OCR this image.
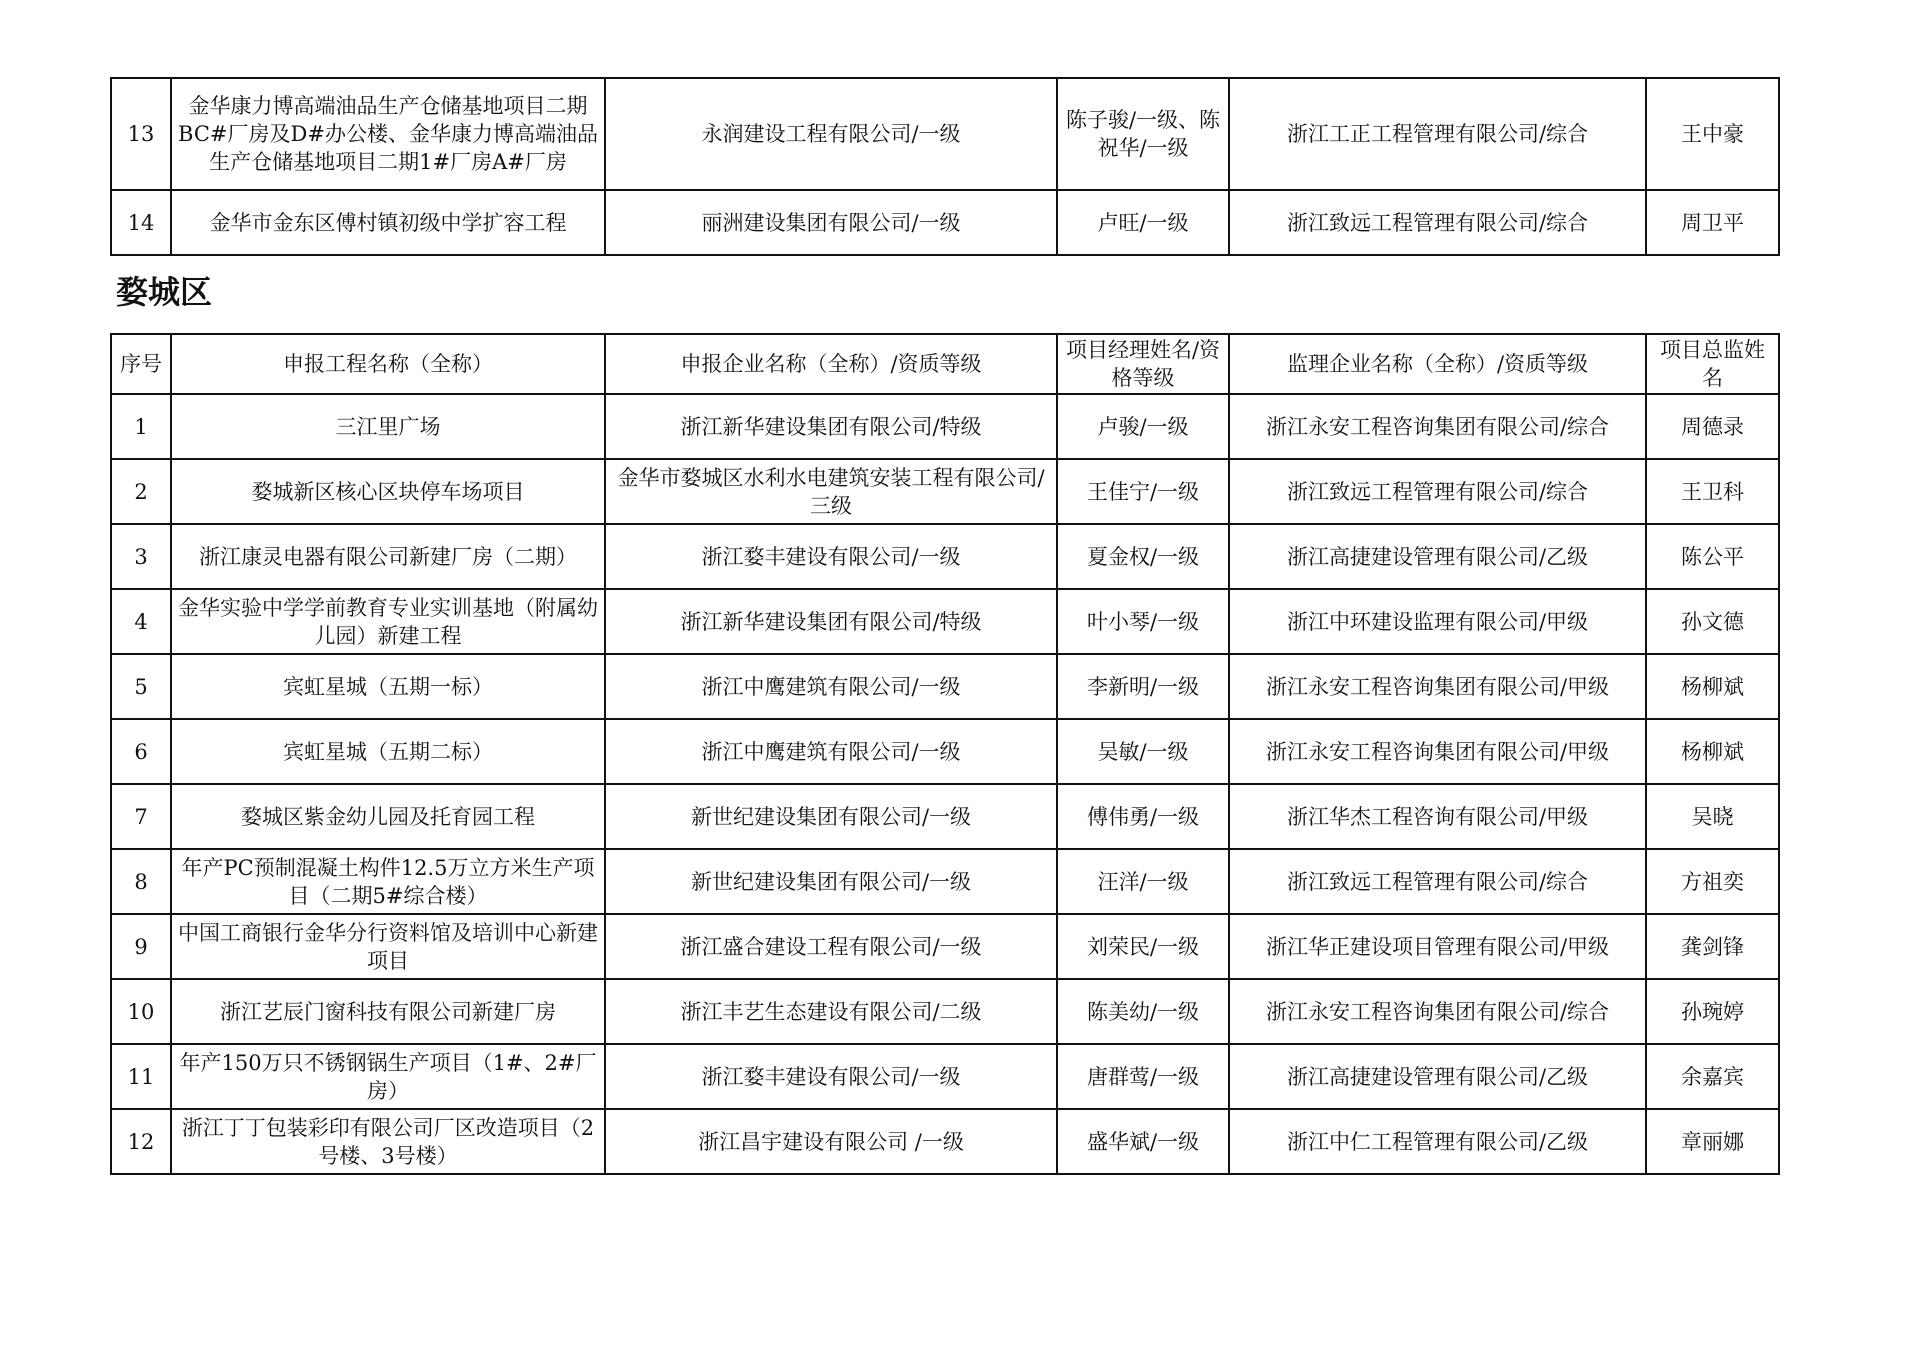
13	金华康力博高端油品生产仓储基地项目二期BC#厂房及D#办公楼、金华康力博高端油品生产仓储基地项目二期1#厂房A#厂房	永润建设工程有限公司/一级	陈子骏/一级、陈祝华/一级	浙江工正工程管理有限公司/综合	王中豪
14	金华市金东区傅村镇初级中学扩容工程	丽洲建设集团有限公司/一级	卢旺/一级	浙江致远工程管理有限公司/综合	周卫平
婺城区
序号	申报工程名称（全称）	申报企业名称（全称）/资质等级	项目经理姓名/资格等级	监理企业名称（全称）/资质等级	项目总监姓名
1	三江里广场	浙江新华建设集团有限公司/特级	卢骏/一级	浙江永安工程咨询集团有限公司/综合	周德录
2	婺城新区核心区块停车场项目	金华市婺城区水利水电建筑安装工程有限公司/三级	王佳宁/一级	浙江致远工程管理有限公司/综合	王卫科
3	浙江康灵电器有限公司新建厂房（二期）	浙江婺丰建设有限公司/一级	夏金权/一级	浙江高捷建设管理有限公司/乙级	陈公平
4	金华实验中学学前教育专业实训基地（附属幼儿园）新建工程	浙江新华建设集团有限公司/特级	叶小琴/一级	浙江中环建设监理有限公司/甲级	孙文德
5	宾虹星城（五期一标）	浙江中鹰建筑有限公司/一级	李新明/一级	浙江永安工程咨询集团有限公司/甲级	杨柳斌
6	宾虹星城（五期二标）	浙江中鹰建筑有限公司/一级	吴敏/一级	浙江永安工程咨询集团有限公司/甲级	杨柳斌
7	婺城区紫金幼儿园及托育园工程	新世纪建设集团有限公司/一级	傅伟勇/一级	浙江华杰工程咨询有限公司/甲级	吴晓
8	年产PC预制混凝土构件12.5万立方米生产项目（二期5#综合楼）	新世纪建设集团有限公司/一级	汪洋/一级	浙江致远工程管理有限公司/综合	方祖奕
9	中国工商银行金华分行资料馆及培训中心新建项目	浙江盛合建设工程有限公司/一级	刘荣民/一级	浙江华正建设项目管理有限公司/甲级	龚剑锋
10	浙江艺辰门窗科技有限公司新建厂房	浙江丰艺生态建设有限公司/二级	陈美幼/一级	浙江永安工程咨询集团有限公司/综合	孙琬婷
11	年产150万只不锈钢锅生产项目（1#、2#厂房）	浙江婺丰建设有限公司/一级	唐群莺/一级	浙江高捷建设管理有限公司/乙级	余嘉宾
12	浙江丁丁包装彩印有限公司厂区改造项目（2号楼、3号楼）	浙江昌宇建设有限公司 /一级	盛华斌/一级	浙江中仁工程管理有限公司/乙级	章丽娜
